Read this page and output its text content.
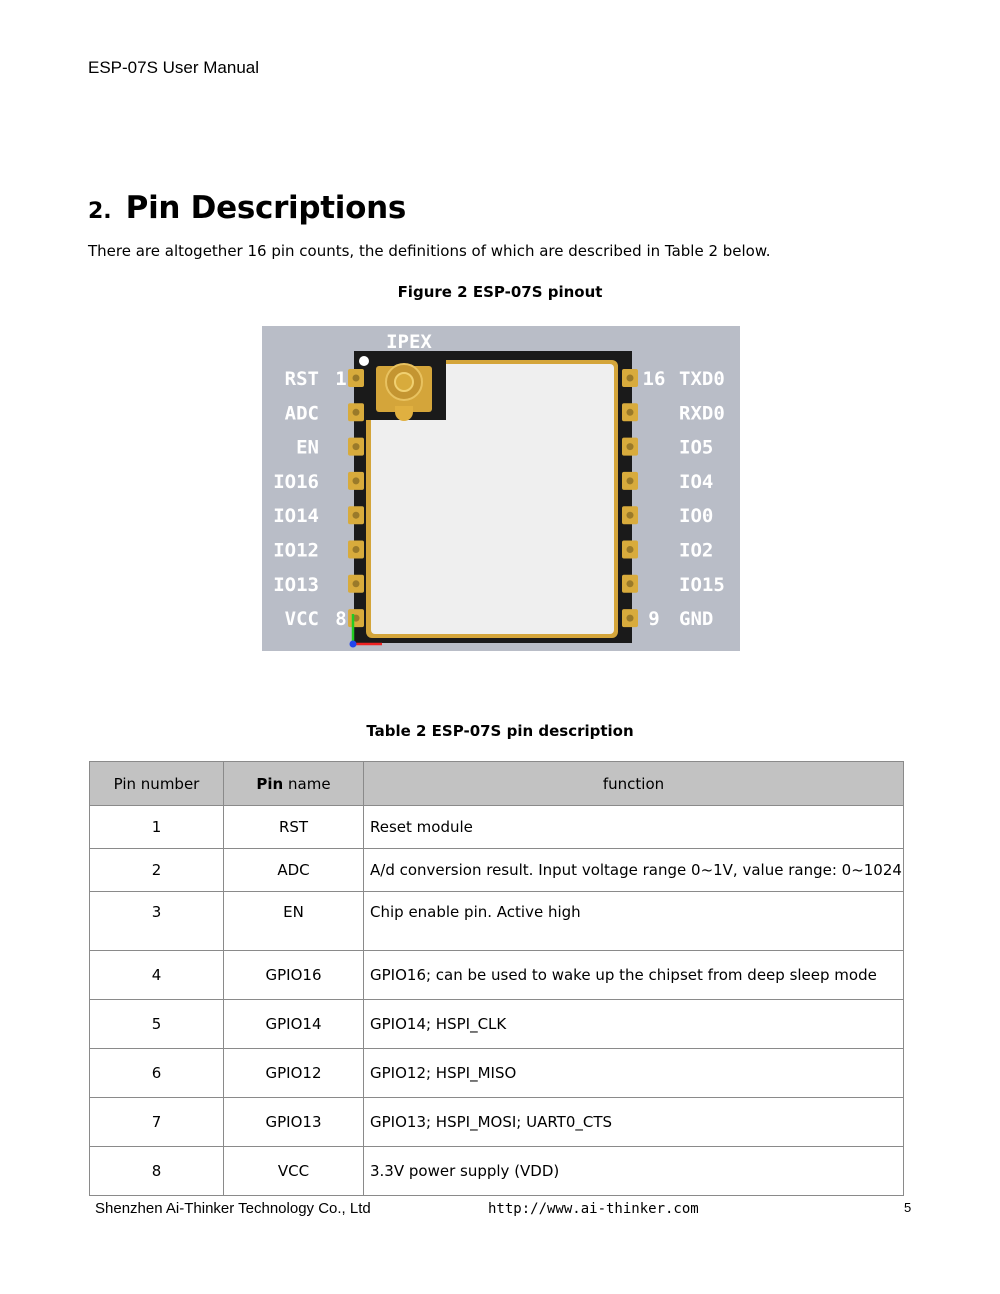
ESP-07S User Manual
2. Pin Descriptions
There are altogether 16 pin counts, the definitions of which are described in Table 2 below.
Figure 2 ESP-07S pinout
IPEX
RST 1
ADC
EN
IO16
IO14
IO12
IO13
VCC 8
TXD0
16
RXD0
IO5
IO4
IO0
IO2
IO15
GND
9
Table 2 ESP-07S pin description
Pin number	Pin name	function
1	RST	Reset module
2	ADC	A/d conversion result. Input voltage range 0~1V, value range: 0~1024
3	EN	Chip enable pin. Active high
4	GPIO16	GPIO16; can be used to wake up the chipset from deep sleep mode
5	GPIO14	GPIO14; HSPI_CLK
6	GPIO12	GPIO12; HSPI_MISO
7	GPIO13	GPIO13; HSPI_MOSI; UART0_CTS
8	VCC	3.3V power supply (VDD)
Shenzhen Ai-Thinker Technology Co., Ltd	http://www.ai-thinker.com	5
